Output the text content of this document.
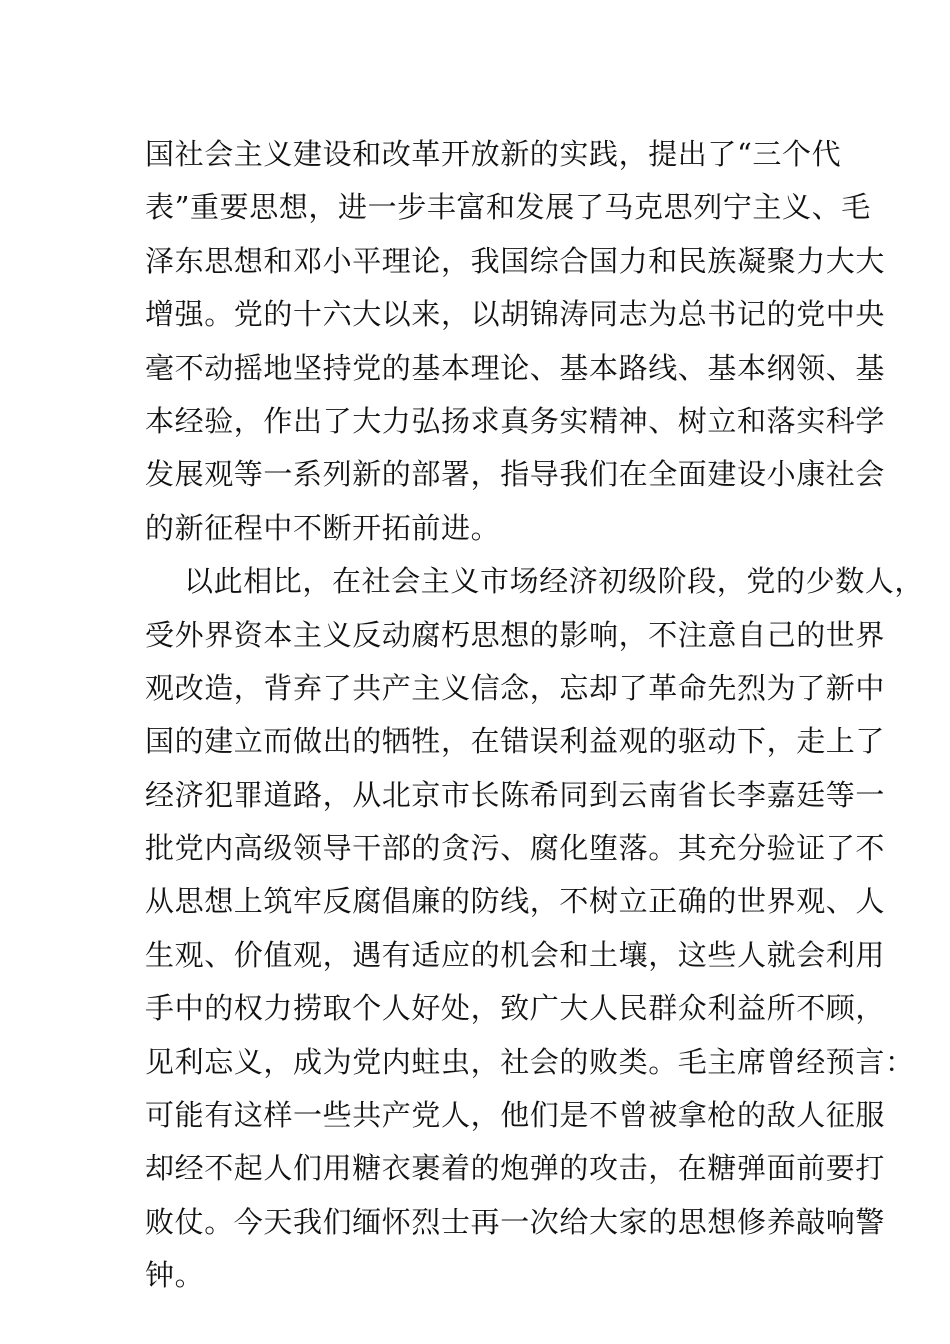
国社会主义建设和改革开放新的实践，提出了“三个代
表”重要思想，进一步丰富和发展了马克思列宁主义、毛
泽东思想和邓小平理论，我国综合国力和民族凝聚力大大
增强。党的十六大以来，以胡锦涛同志为总书记的党中央
毫不动摇地坚持党的基本理论、基本路线、基本纲领、基
本经验，作出了大力弘扬求真务实精神、树立和落实科学
发展观等一系列新的部署，指导我们在全面建设小康社会
的新征程中不断开拓前进。
以此相比，在社会主义市场经济初级阶段，党的少数人，
受外界资本主义反动腐朽思想的影响，不注意自己的世界
观改造，背弃了共产主义信念，忘却了革命先烈为了新中
国的建立而做出的牺牲，在错误利益观的驱动下，走上了
经济犯罪道路，从北京市长陈希同到云南省长李嘉廷等一
批党内高级领导干部的贪污、腐化堕落。其充分验证了不
从思想上筑牢反腐倡廉的防线，不树立正确的世界观、人
生观、价值观，遇有适应的机会和土壤，这些人就会利用
手中的权力捞取个人好处，致广大人民群众利益所不顾，
见利忘义，成为党内蛀虫，社会的败类。毛主席曾经预言：
可能有这样一些共产党人，他们是不曾被拿枪的敌人征服
却经不起人们用糖衣裹着的炮弹的攻击，在糖弹面前要打
败仗。今天我们缅怀烈士再一次给大家的思想修养敲响警
钟。
